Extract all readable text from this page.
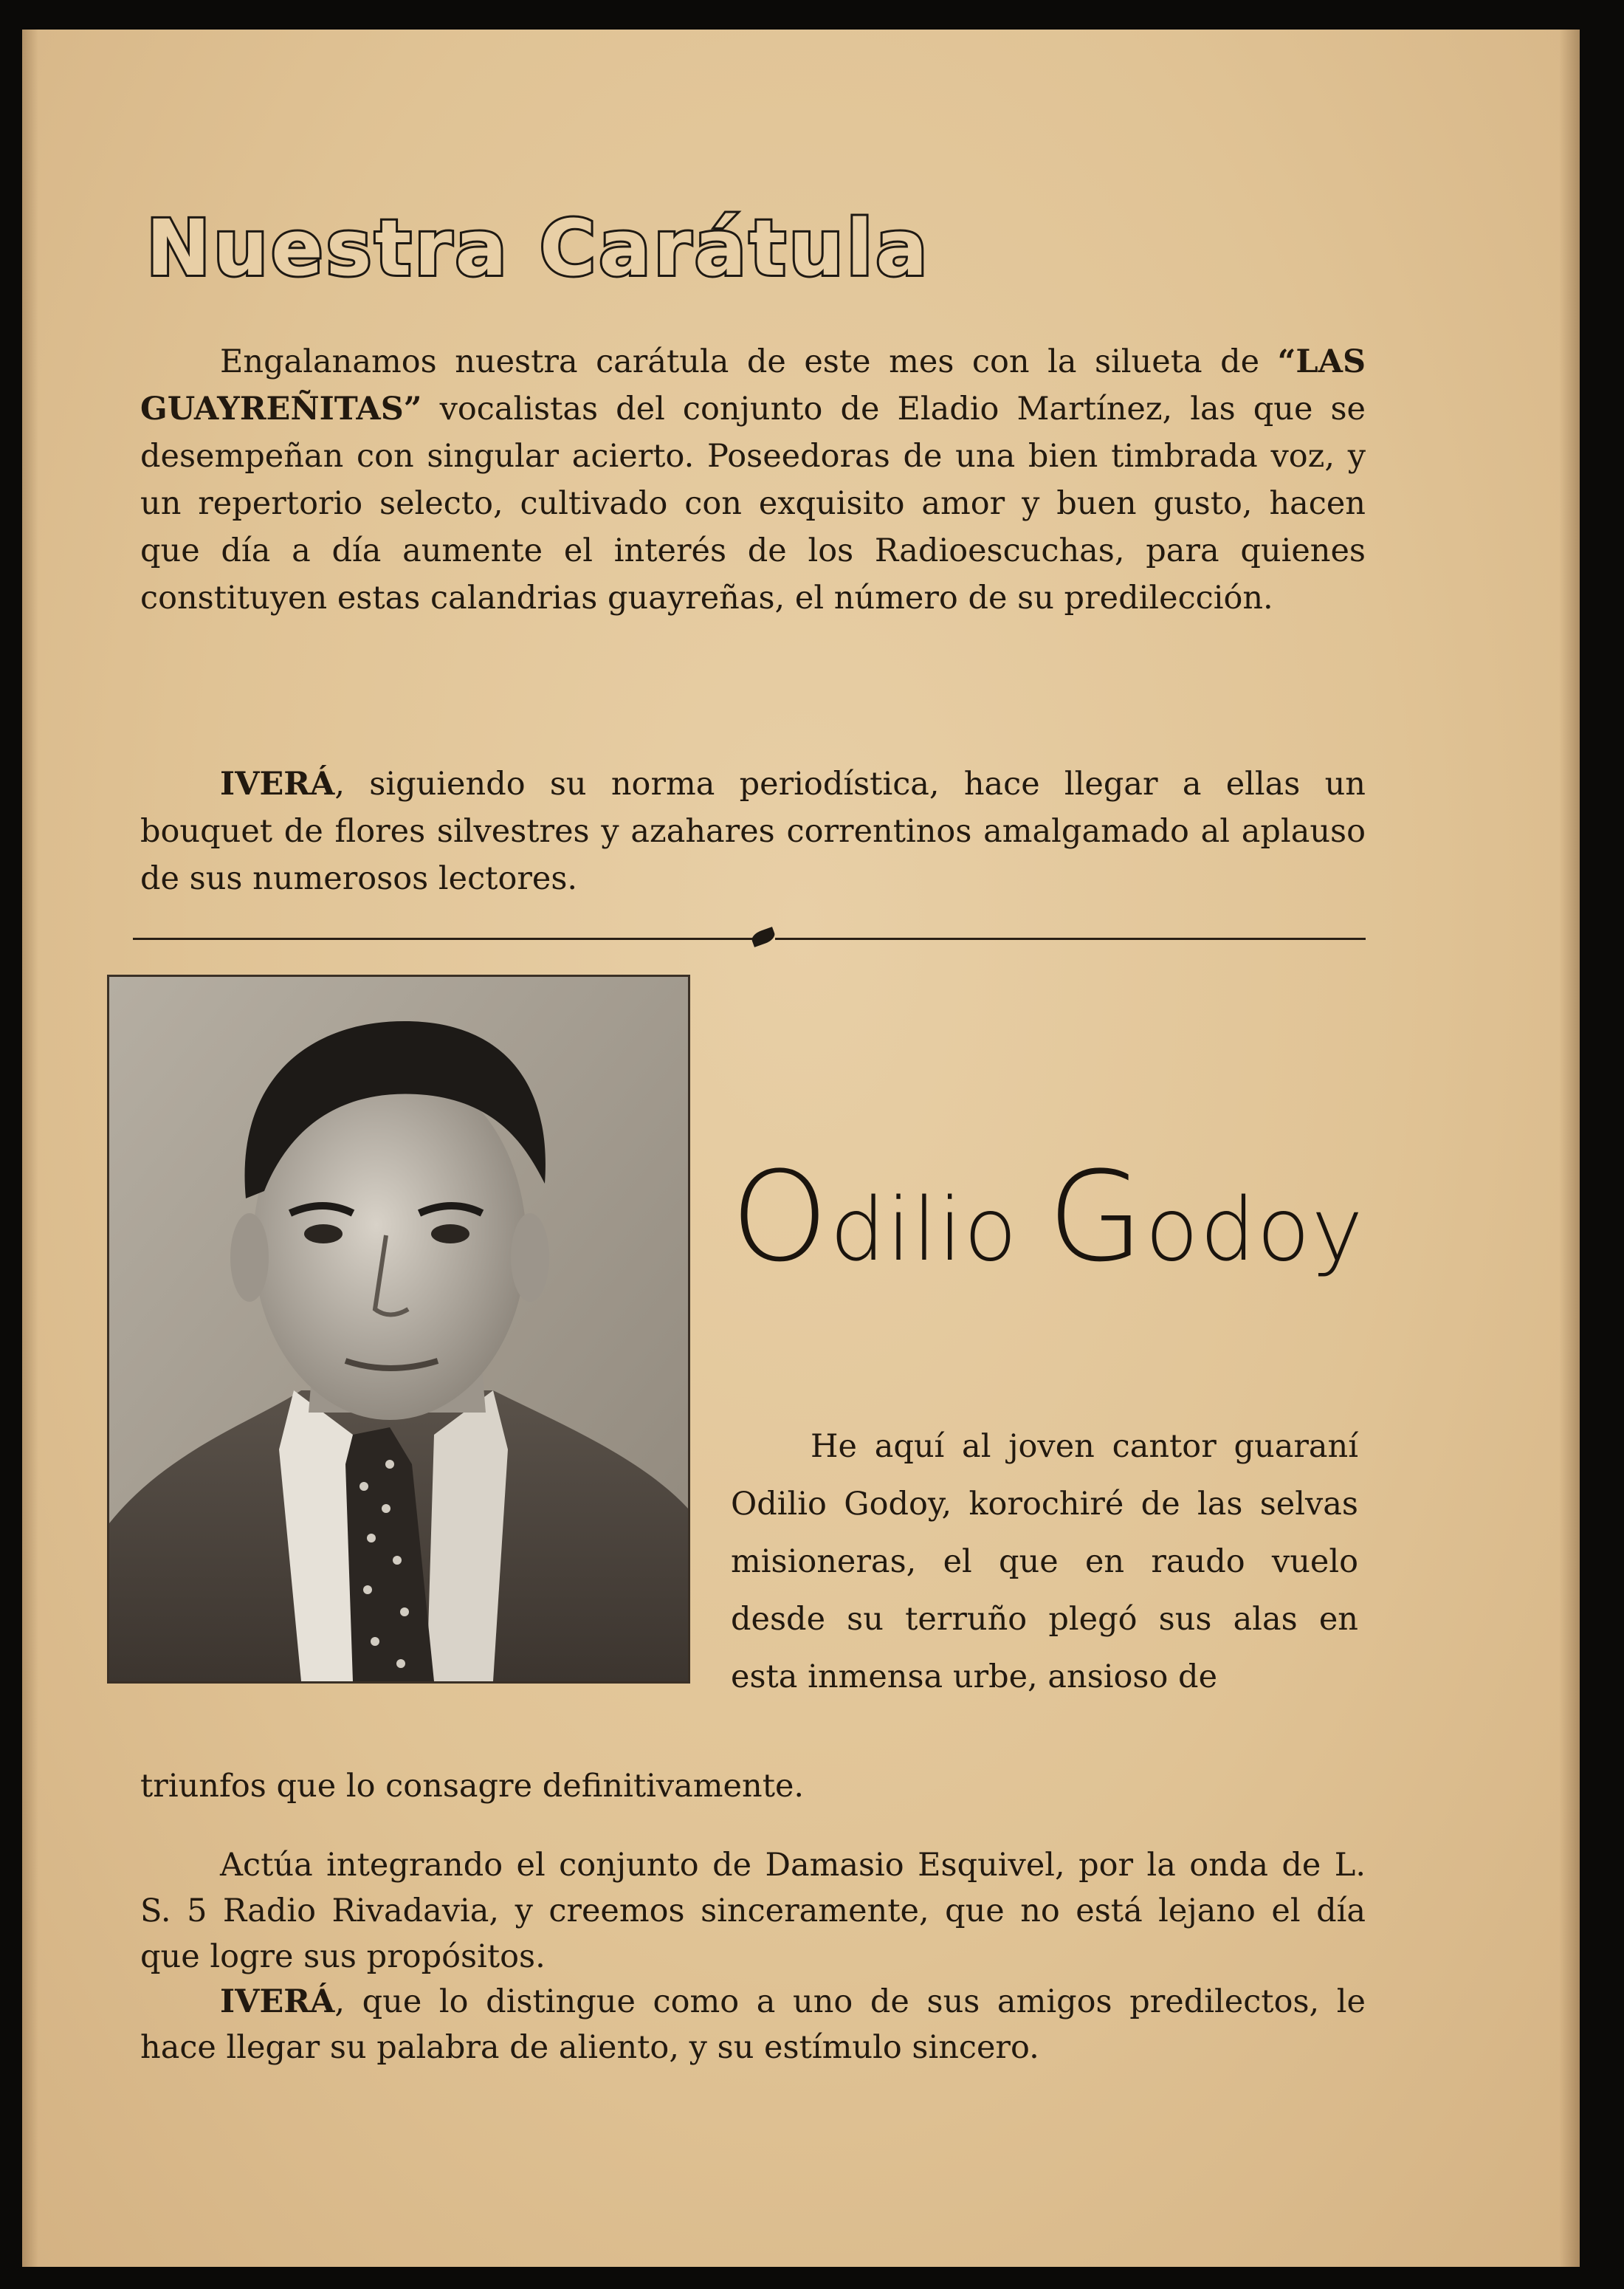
Nuestra Carátula

Engalanamos nuestra carátula de este mes con la silueta de “LAS GUAYREÑITAS” vocalistas del conjunto de Eladio Martínez, las que se desempeñan con singular acierto. Poseedoras de una bien timbrada voz, y un repertorio selecto, cultivado con exquisito amor y buen gusto, hacen que día a día aumente el interés de los Radioescuchas, para quienes constituyen estas calandrias guayreñas, el número de su predilección.

IVERÁ, siguiendo su norma periodística, hace llegar a ellas un bouquet de flores silvestres y azahares correntinos amalgamado al aplauso de sus numerosos lectores.

Odilio Godoy

He aquí al joven cantor guaraní Odilio Godoy, korochiré de las selvas misioneras, el que en raudo vuelo desde su terruño plegó sus alas en esta inmensa urbe, ansioso de

triunfos que lo consagre definitivamente.

Actúa integrando el conjunto de Damasio Esquivel, por la onda de L. S. 5 Radio Rivadavia, y creemos sinceramente, que no está lejano el día que logre sus propósitos.

IVERÁ, que lo distingue como a uno de sus amigos predilectos, le hace llegar su palabra de aliento, y su estímulo sincero.
